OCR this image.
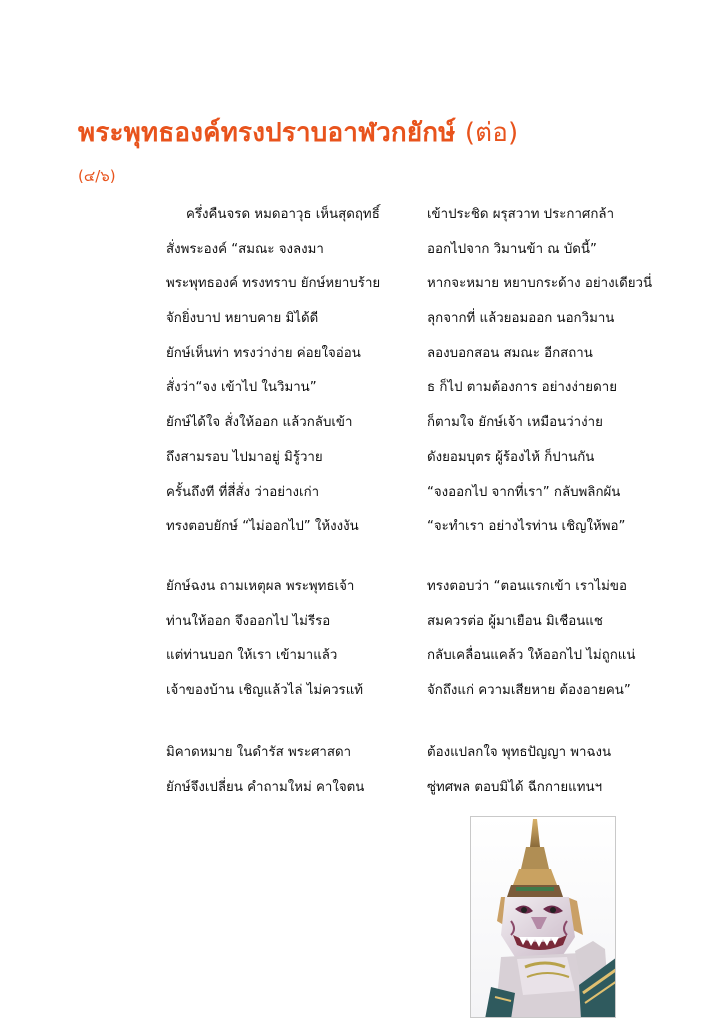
พระพุทธองค์ทรงปราบอาฬวกยักษ์ (ต่อ)
(๔/๖)
ครึ่งคืนจรด หมดอาวุธ เห็นสุดฤทธิ์	เข้าประชิด ผรุสวาท ประกาศกล้า
สั่งพระองค์ “สมณะ จงลงมา	ออกไปจาก วิมานข้า ณ บัดนี้”
พระพุทธองค์ ทรงทราบ ยักษ์หยาบร้าย	หากจะหมาย หยาบกระด้าง อย่างเดียวนี่
จักยิ่งบาป หยาบคาย มิได้ดี	ลุกจากที่ แล้วยอมออก นอกวิมาน
ยักษ์เห็นท่า ทรงว่าง่าย ค่อยใจอ่อน	ลองบอกสอน สมณะ อีกสถาน
สั่งว่า“จง เข้าไป ในวิมาน”	ธ ก็ไป ตามต้องการ อย่างง่ายดาย
ยักษ์ได้ใจ สั่งให้ออก แล้วกลับเข้า	ก็ตามใจ ยักษ์เจ้า เหมือนว่าง่าย
ถึงสามรอบ ไปมาอยู่ มิรู้วาย	ดังยอมบุตร ผู้ร้องไห้ ก็ปานกัน
ครั้นถึงที ที่สี่สั่ง ว่าอย่างเก่า	“จงออกไป จากที่เรา” กลับพลิกผัน
ทรงตอบยักษ์ “ไม่ออกไป” ให้งงงัน	“จะทำเรา อย่างไรท่าน เชิญให้พอ”
ยักษ์ฉงน ถามเหตุผล พระพุทธเจ้า	ทรงตอบว่า “ตอนแรกเข้า เราไม่ขอ
ท่านให้ออก จึงออกไป ไม่รีรอ	สมควรต่อ ผู้มาเยือน มิเชือนแช
แต่ท่านบอก ให้เรา เข้ามาแล้ว	กลับเคลื่อนแคล้ว ให้ออกไป ไม่ถูกแน่
เจ้าของบ้าน เชิญแล้วไล่ ไม่ควรแท้	จักถึงแก่ ความเสียหาย ต้องอายคน”
มิคาดหมาย ในดำรัส พระศาสดา	ต้องแปลกใจ พุทธปัญญา พาฉงน
ยักษ์จึงเปลี่ยน คำถามใหม่ คาใจตน	ซู่ทศพล ตอบมิได้ ฉีกกายแทนฯ
